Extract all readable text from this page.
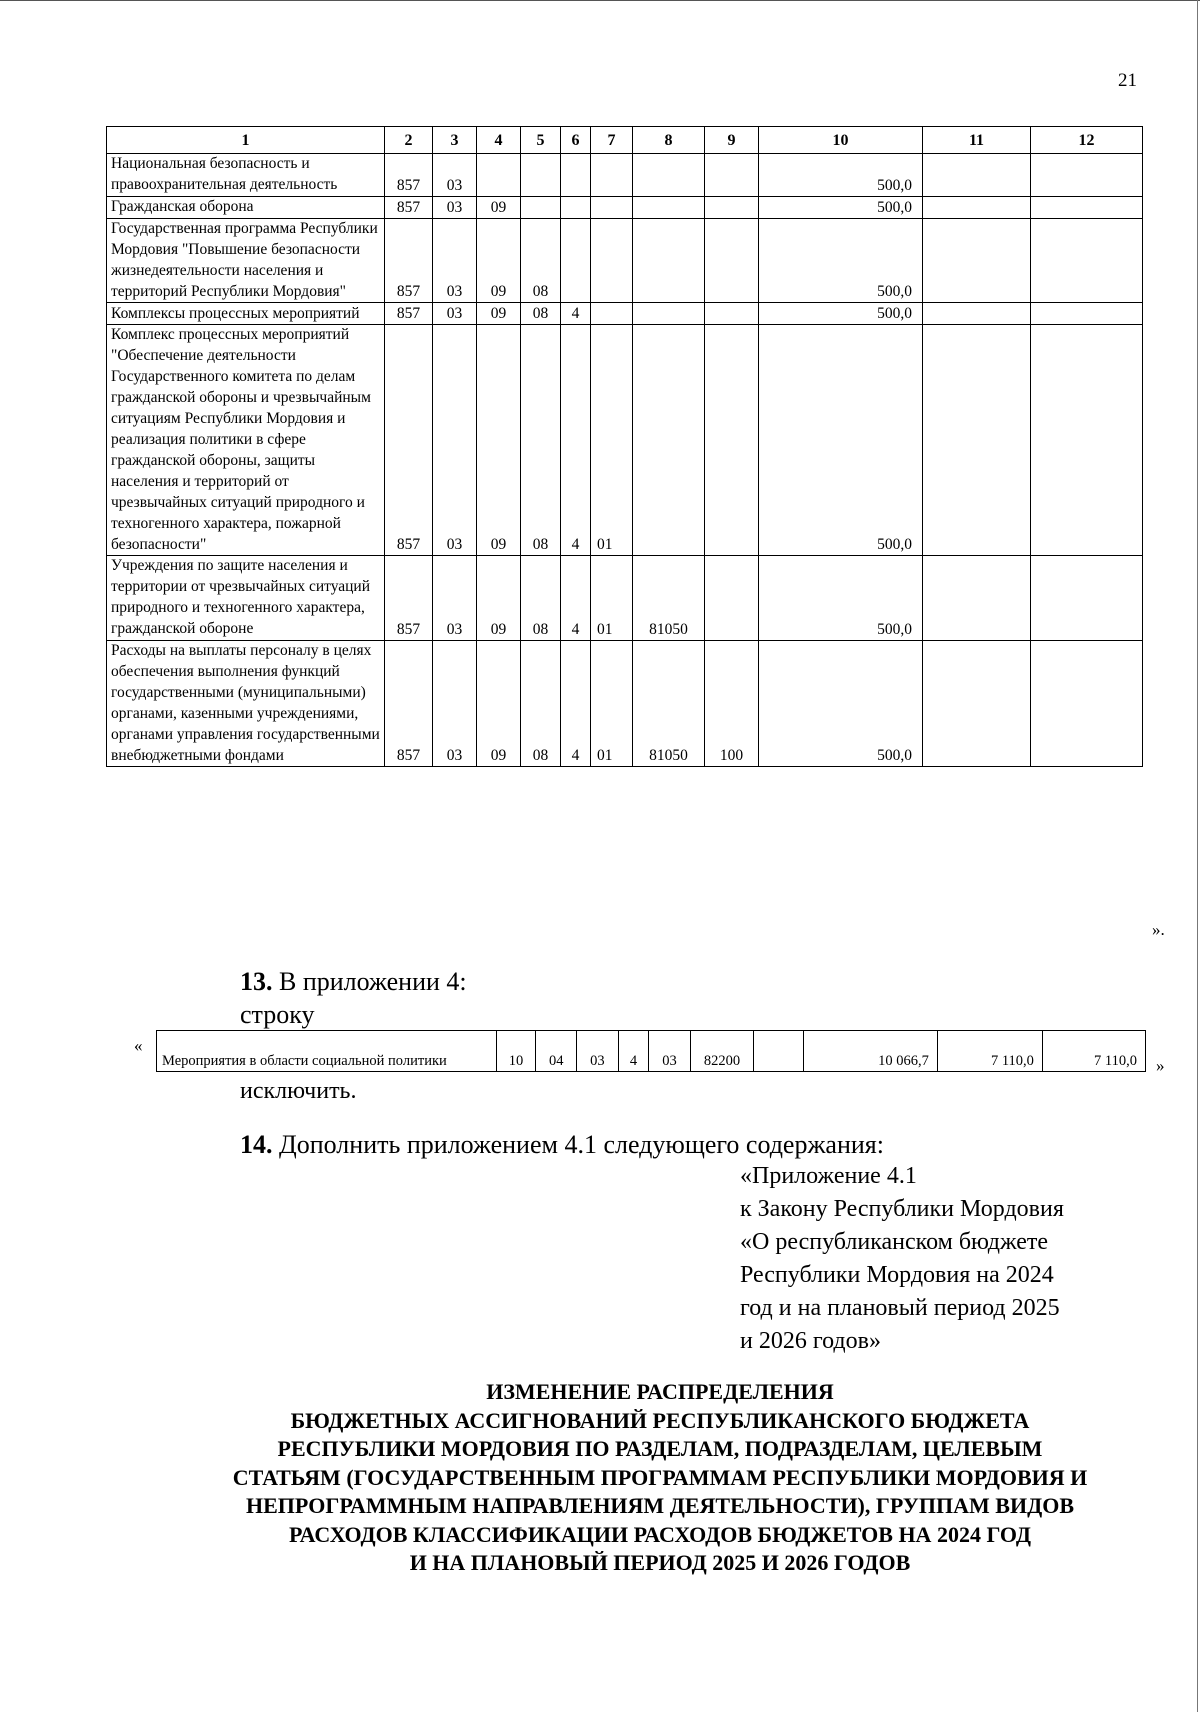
21
1	2	3	4	5	6	7	8	9	10	11	12
Национальная безопасность и правоохранительная деятельность	857	03							500,0		
Гражданская оборона	857	03	09						500,0		
Государственная программа Республики Мордовия "Повышение безопасности жизнедеятельности населения и территорий Республики Мордовия"	857	03	09	08					500,0		
Комплексы процессных мероприятий	857	03	09	08	4				500,0		
Комплекс процессных мероприятий "Обеспечение деятельности Государственного комитета по делам гражданской обороны и чрезвычайным ситуациям Республики Мордовия и реализация политики в сфере гражданской обороны, защиты населения и территорий от чрезвычайных ситуаций природного и техногенного характера, пожарной безопасности"	857	03	09	08	4	01			500,0		
Учреждения по защите населения и территории от чрезвычайных ситуаций природного и техногенного характера, гражданской обороне	857	03	09	08	4	01	81050		500,0		
Расходы на выплаты персоналу в целях обеспечения выполнения функций государственными (муниципальными) органами, казенными учреждениями, органами управления государственными внебюджетными фондами	857	03	09	08	4	01	81050	100	500,0		
».
13. В приложении 4:
строку
«
Мероприятия в области социальной политики	10	04	03	4	03	82200		10 066,7	7 110,0	7 110,0 »
исключить.
14. Дополнить приложением 4.1 следующего содержания:
«Приложение 4.1
к Закону Республики Мордовия
«О республиканском бюджете
Республики Мордовия на 2024
год и на плановый период 2025
и 2026 годов»
ИЗМЕНЕНИЕ РАСПРЕДЕЛЕНИЯ
БЮДЖЕТНЫХ АССИГНОВАНИЙ РЕСПУБЛИКАНСКОГО БЮДЖЕТА
РЕСПУБЛИКИ МОРДОВИЯ ПО РАЗДЕЛАМ, ПОДРАЗДЕЛАМ, ЦЕЛЕВЫМ
СТАТЬЯМ (ГОСУДАРСТВЕННЫМ ПРОГРАММАМ РЕСПУБЛИКИ МОРДОВИЯ И
НЕПРОГРАММНЫМ НАПРАВЛЕНИЯМ ДЕЯТЕЛЬНОСТИ), ГРУППАМ ВИДОВ
РАСХОДОВ КЛАССИФИКАЦИИ РАСХОДОВ БЮДЖЕТОВ НА 2024 ГОД
И НА ПЛАНОВЫЙ ПЕРИОД 2025 И 2026 ГОДОВ
